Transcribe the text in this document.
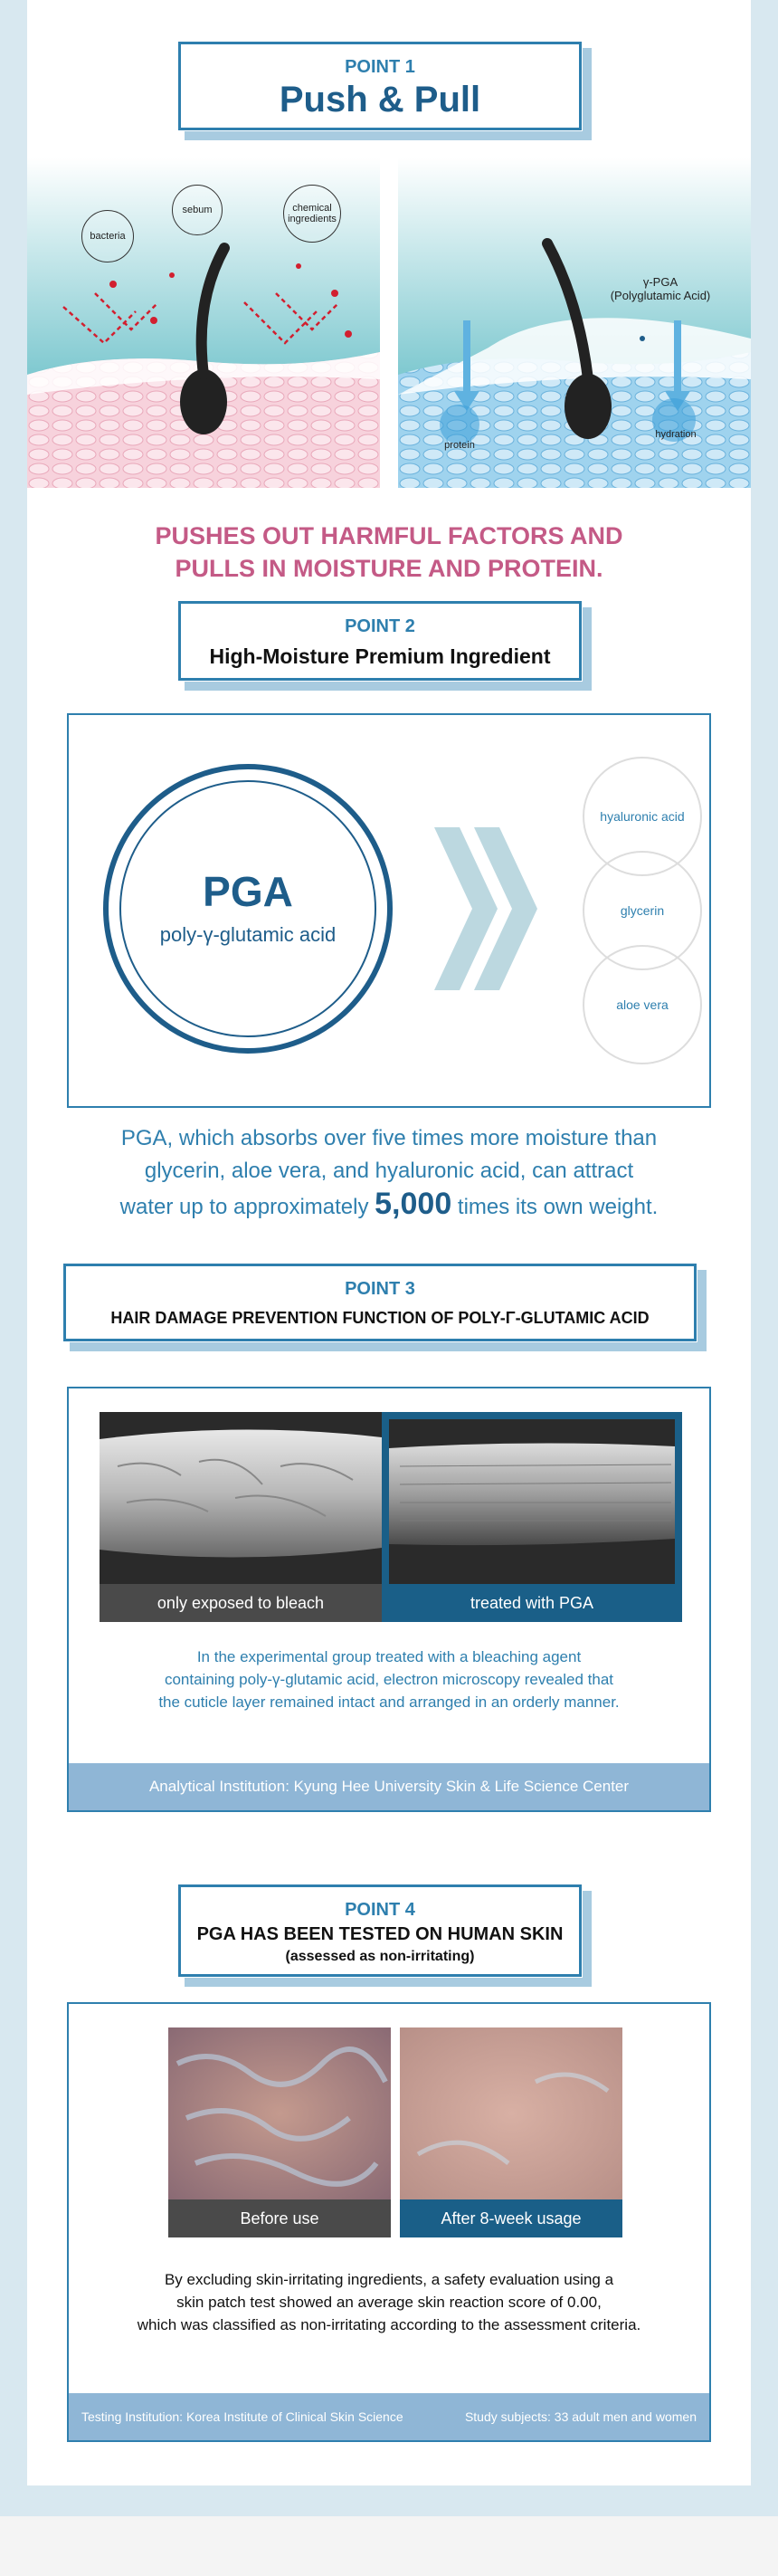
POINT 1
Push & Pull
bacteria
sebum	chemical ingredients
γ-PGA
(Polyglutamic Acid)
protein
hydration
PUSHES OUT HARMFUL FACTORS AND
PULLS IN MOISTURE AND PROTEIN.
POINT 2
High-Moisture Premium Ingredient
PGA
poly-γ-glutamic acid
hyaluronic acid
glycerin
aloe vera
PGA, which absorbs over five times more moisture than
glycerin, aloe vera, and hyaluronic acid, can attract
water up to approximately 5,000 times its own weight.
POINT 3
HAIR DAMAGE PREVENTION FUNCTION OF POLY-Γ-GLUTAMIC ACID
only exposed to bleach	treated with PGA
In the experimental group treated with a bleaching agent
containing poly-γ-glutamic acid, electron microscopy revealed that
the cuticle layer remained intact and arranged in an orderly manner.
Analytical Institution: Kyung Hee University Skin & Life Science Center
POINT 4
PGA HAS BEEN TESTED ON HUMAN SKIN
(assessed as non-irritating)
Before use	After 8-week usage
By excluding skin-irritating ingredients, a safety evaluation using a
skin patch test showed an average skin reaction score of 0.00,
which was classified as non-irritating according to the assessment criteria.
Testing Institution: Korea Institute of Clinical Skin Science	Study subjects: 33 adult men and women
